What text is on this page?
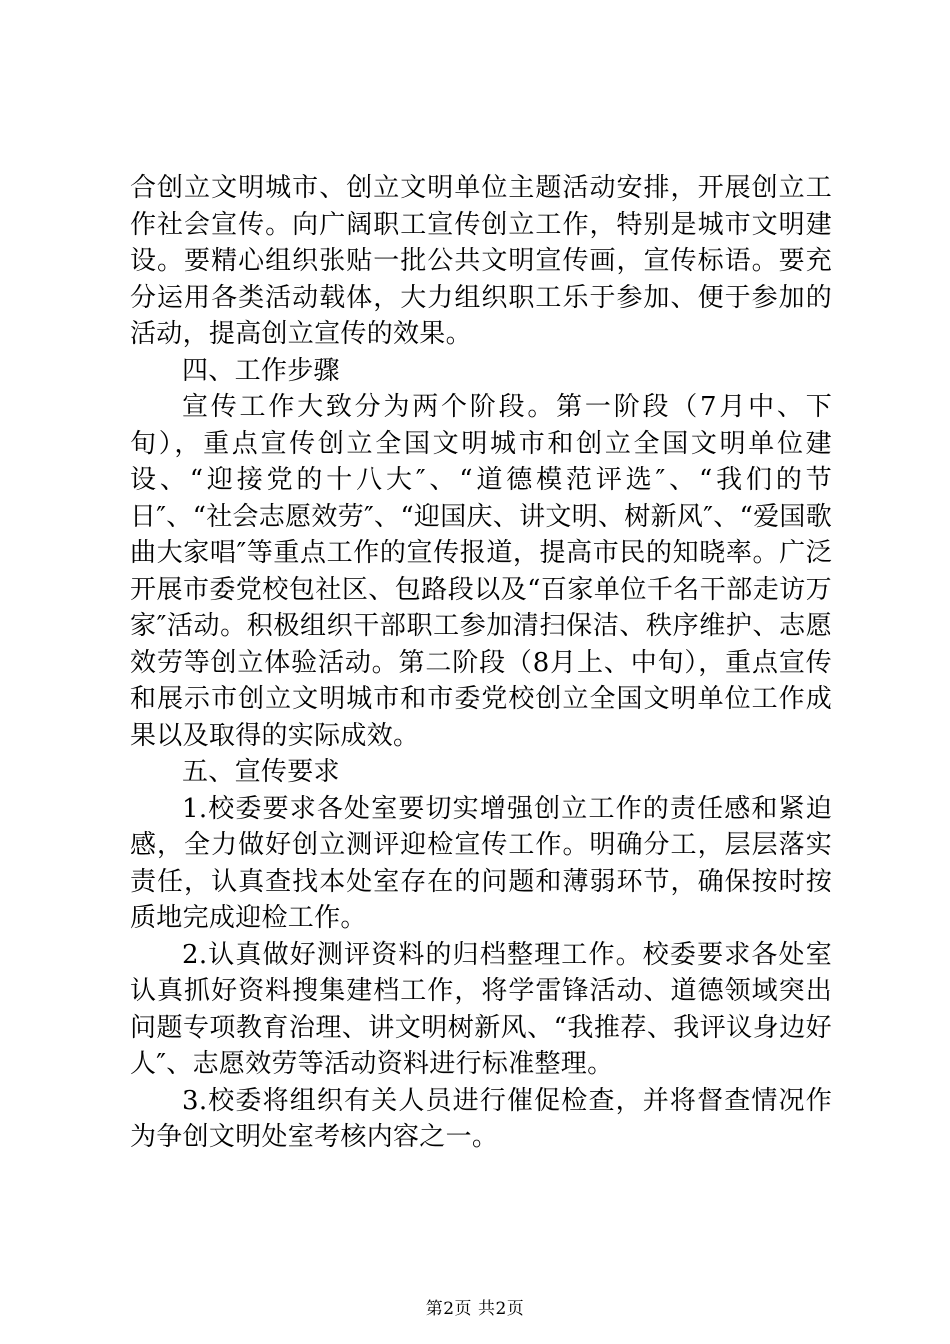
合创立文明城市、创立文明单位主题活动安排，开展创立工作社会宣传。向广阔职工宣传创立工作，特别是城市文明建设。要精心组织张贴一批公共文明宣传画，宣传标语。要充分运用各类活动载体，大力组织职工乐于参加、便于参加的活动，提高创立宣传的效果。

四、工作步骤

宣传工作大致分为两个阶段。第一阶段（7月中、下旬），重点宣传创立全国文明城市和创立全国文明单位建设、“迎接党的十八大″、“道德模范评选″、“我们的节日″、“社会志愿效劳″、“迎国庆、讲文明、树新风″、“爱国歌曲大家唱″等重点工作的宣传报道，提高市民的知晓率。广泛开展市委党校包社区、包路段以及“百家单位千名干部走访万家″活动。积极组织干部职工参加清扫保洁、秩序维护、志愿效劳等创立体验活动。第二阶段（8月上、中旬），重点宣传和展示市创立文明城市和市委党校创立全国文明单位工作成果以及取得的实际成效。

五、宣传要求

1.校委要求各处室要切实增强创立工作的责任感和紧迫感，全力做好创立测评迎检宣传工作。明确分工，层层落实责任，认真查找本处室存在的问题和薄弱环节，确保按时按质地完成迎检工作。

2.认真做好测评资料的归档整理工作。校委要求各处室认真抓好资料搜集建档工作，将学雷锋活动、道德领域突出问题专项教育治理、讲文明树新风、“我推荐、我评议身边好人″、志愿效劳等活动资料进行标准整理。

3.校委将组织有关人员进行催促检查，并将督查情况作为争创文明处室考核内容之一。

第2页 共2页
